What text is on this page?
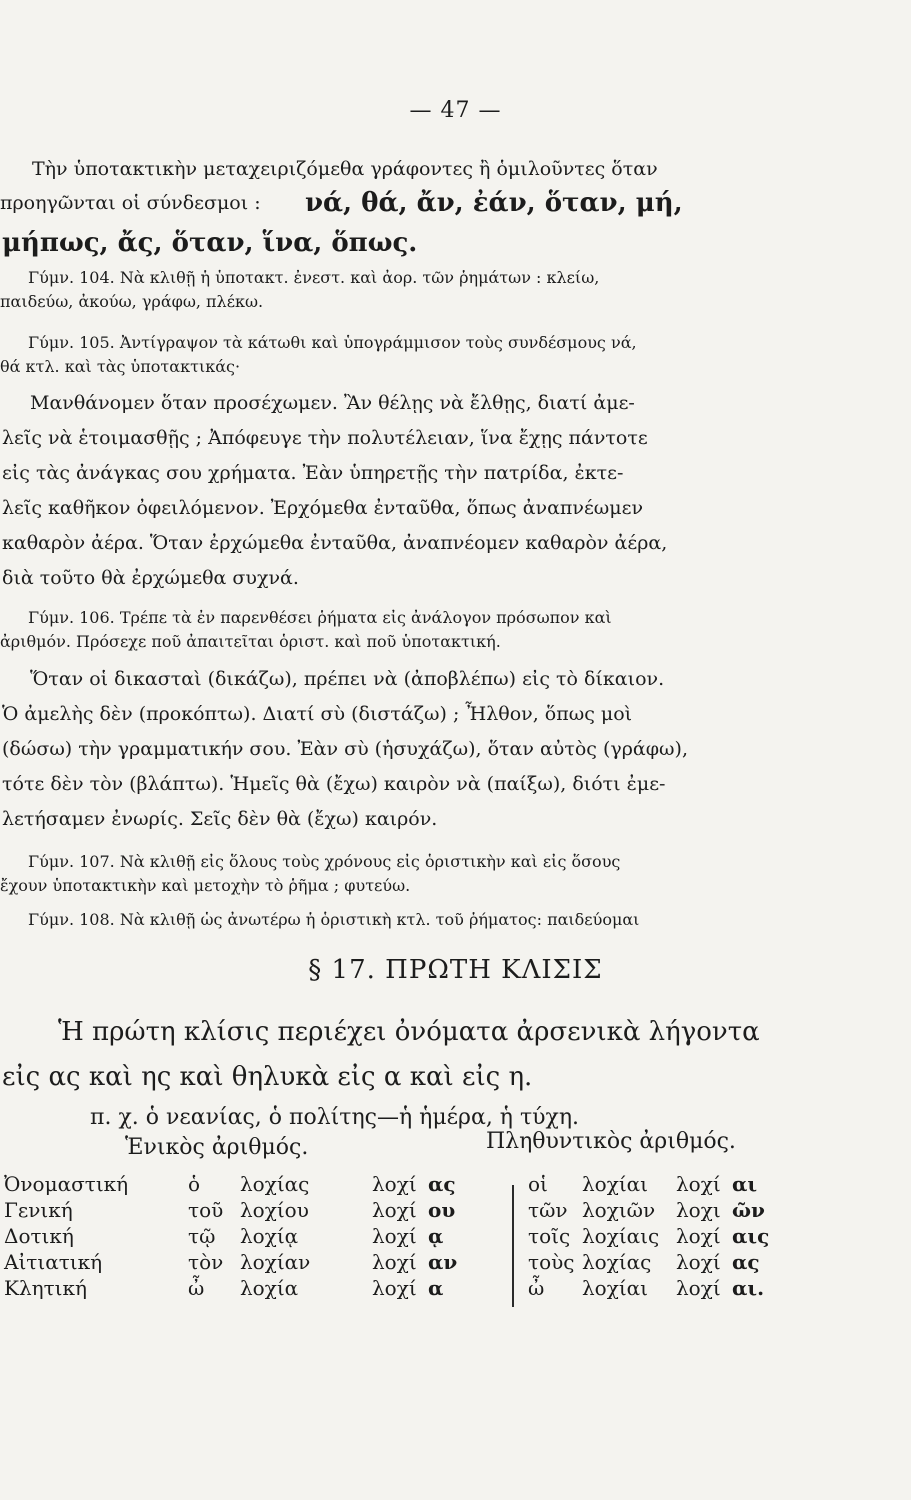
— 47 —
Τὴν ὑποτακτικὴν μεταχειριζόμεθα γράφοντες ἢ ὁμιλοῦντες ὅταν
προηγῶνται οἱ σύνδεσμοι : νά, θά, ἄν, ἐάν, ὅταν, μή,
μήπως, ἄς, ὅταν, ἵνα, ὅπως.
Γύμν. 104. Νὰ κλιθῇ ἡ ὑποτακτ. ἐνεστ. καὶ ἀορ. τῶν ῥημάτων : κλείω,
παιδεύω, ἀκούω, γράφω, πλέκω.
Γύμν. 105. Ἀντίγραψον τὰ κάτωθι καὶ ὑπογράμμισον τοὺς συνδέσμους νά,
θά κτλ. καὶ τὰς ὑποτακτικάς·
Μανθάνομεν ὅταν προσέχωμεν. Ἂν θέλῃς νὰ ἔλθῃς, διατί ἀμε-
λεῖς νὰ ἑτοιμασθῇς ; Ἀπόφευγε τὴν πολυτέλειαν, ἵνα ἔχῃς πάντοτε
εἰς τὰς ἀνάγκας σου χρήματα. Ἐὰν ὑπηρετῇς τὴν πατρίδα, ἐκτε-
λεῖς καθῆκον ὀφειλόμενον. Ἐρχόμεθα ἐνταῦθα, ὅπως ἀναπνέωμεν
καθαρὸν ἀέρα. Ὅταν ἐρχώμεθα ἐνταῦθα, ἀναπνέομεν καθαρὸν ἀέρα,
διὰ τοῦτο θὰ ἐρχώμεθα συχνά.
Γύμν. 106. Τρέπε τὰ ἐν παρενθέσει ῥήματα εἰς ἀνάλογον πρόσωπον καὶ
ἀριθμόν. Πρόσεχε ποῦ ἀπαιτεῖται ὁριστ. καὶ ποῦ ὑποτακτική.
Ὅταν οἱ δικασταὶ (δικάζω), πρέπει νὰ (ἀποβλέπω) εἰς τὸ δίκαιον.
Ὁ ἀμελὴς δὲν (προκόπτω). Διατί σὺ (διστάζω) ; Ἦλθον, ὅπως μοὶ
(δώσω) τὴν γραμματικήν σου. Ἐὰν σὺ (ἡσυχάζω), ὅταν αὐτὸς (γράφω),
τότε δὲν τὸν (βλάπτω). Ἡμεῖς θὰ (ἔχω) καιρὸν νὰ (παίξω), διότι ἐμε-
λετήσαμεν ἐνωρίς. Σεῖς δὲν θὰ (ἔχω) καιρόν.
Γύμν. 107. Νὰ κλιθῇ εἰς ὅλους τοὺς χρόνους εἰς ὁριστικὴν καὶ εἰς ὅσους
ἔχουν ὑποτακτικὴν καὶ μετοχὴν τὸ ῥῆμα ; φυτεύω.
Γύμν. 108. Νὰ κλιθῇ ὡς ἀνωτέρω ἡ ὁριστικὴ κτλ. τοῦ ῥήματος: παιδεύομαι
§ 17. ΠΡΩΤΗ ΚΛΙΣΙΣ
Ἡ πρώτη κλίσις περιέχει ὀνόματα ἀρσενικὰ λήγοντα
εἰς ας καὶ ης καὶ θηλυκὰ εἰς α καὶ εἰς η.
π. χ. ὁ νεανίας, ὁ πολίτης—ἡ ἡμέρα, ἡ τύχη.
Ἑνικὸς ἀριθμός.	Πληθυντικὸς ἀριθμός.
Ὀνομαστική	ὁ λοχίας	λοχί ας	οἱ λοχίαι λοχί αι
Γενική	τοῦ λοχίου	λοχί ου	τῶν λοχιῶν λοχι ῶν
Δοτική	τῷ λοχίᾳ	λοχί ᾳ	τοῖς λοχίαις λοχί αις
Αἰτιατική	τὸν λοχίαν	λοχί αν	τοὺς λοχίας λοχί ας
Κλητική	ὦ λοχία	λοχί α	ὦ λοχίαι λοχί αι.
